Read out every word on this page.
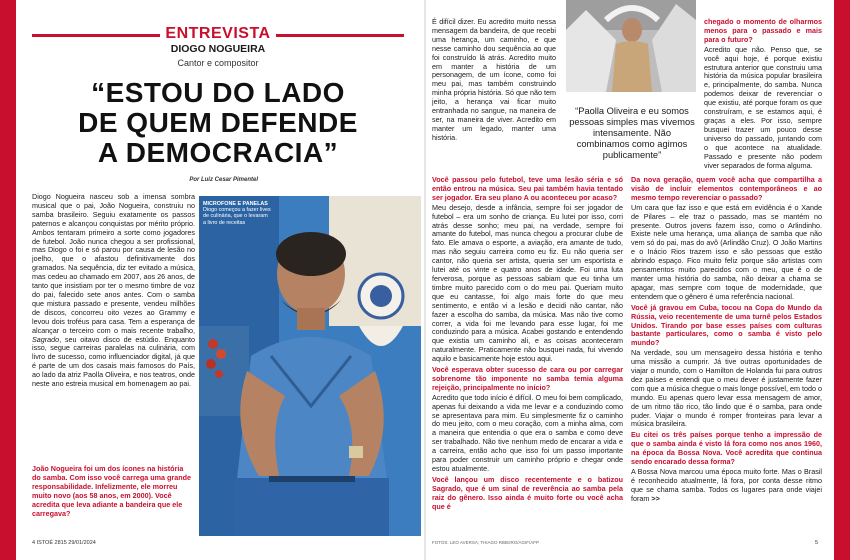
ENTREVISTA
DIOGO NOGUEIRA
Cantor e compositor
“ESTOU DO LADO
DE QUEM DEFENDE
A DEMOCRACIA”
Por Luiz Cesar Pimentel
Diogo Nogueira nasceu sob a imensa sombra musical que o pai, João Nogueira, construiu no samba brasileiro. Seguiu exatamente os passos paternos e alcançou conquistas por mérito próprio. Ambos tentaram primeiro a sorte como jogadores de futebol. João nunca chegou a ser profissional, mas Diogo o foi e só parou por causa de lesão no joelho, que o afastou definitivamente dos gramados. Na sequência, diz ter evitado a música, mas cedeu ao chamado em 2007, aos 26 anos, de tanto que insistiam por ter o mesmo timbre de voz do pai, falecido sete anos antes. Com o samba que mistura passado e presente, vendeu milhões de discos, concorreu oito vezes ao Grammy e levou dois troféus para casa. Tem a esperança de alcançar o terceiro com o mais recente trabalho, Sagrado, seu oitavo disco de estúdio. Enquanto isso, segue carreiras paralelas na culinária, com livro de sucesso, como influenciador digital, já que é parte de um dos casais mais famosos do País, ao lado da atriz Paolla Oliveira, e nos teatros, onde neste ano estreia musical em homenagem ao pai.
João Nogueira foi um dos ícones na história do samba. Com isso você carrega uma grande responsabilidade. Infelizmente, ele morreu muito novo (aos 58 anos, em 2000). Você acredita que leva adiante a bandeira que ele carregava?
MICROFONE E PANELAS
Diogo começou a fazer lives de culinária, que o levaram a livro de receitas
4 ISTOÉ 2815 29/01/2024

É difícil dizer. Eu acredito muito nessa mensagem da bandeira, de que recebi uma herança, um caminho, e que nesse caminho dou sequência ao que foi construído lá atrás. Acredito muito em manter a história de um personagem, de um ícone, como foi meu pai, mas também construindo minha própria história. Só que não tem jeito, a herança vai ficar muito entranhada no sangue, na maneira de ser, na maneira de viver. Acredito em manter um legado, manter uma história.

“Paolla Oliveira e eu somos pessoas simples mas vivemos intensamente. Não combinamos como agimos publicamente”
chegado o momento de olharmos menos para o passado e mais para o futuro?

Acredito que não. Penso que, se você aqui hoje, é porque existiu estrutura anterior que construiu uma história da música popular brasileira e, principalmente, do samba. Nunca podemos deixar de reverenciar o que existiu, até porque foram os que construíram, e se estamos aqui, é graças a eles. Por isso, sempre busquei trazer um pouco desse universo do passado, juntando com o que acontece na atualidade. Passado e presente não podem viver separados de forma alguma.

Você passou pelo futebol, teve uma lesão séria e só então entrou na música. Seu pai também havia tentado ser jogador. Era seu plano A ou aconteceu por acaso?

Meu desejo, desde a infância, sempre foi ser jogador de futebol – era um sonho de criança. Eu lutei por isso, corri atrás desse sonho; meu pai, na verdade, sempre foi amante do futebol, mas nunca chegou a procurar clube de fato. Ele amava o esporte, a aviação, era amante de tudo, mas não seguiu carreira como eu fiz. Eu não queria ser cantor, não queria ser artista, queria ser um esportista e lutei até os vinte e quatro anos de idade. Foi uma luta ferverosa, porque as pessoas sabiam que eu tinha um timbre muito parecido com o do meu pai. Queriam muito que eu cantasse, foi algo mais forte do que meu sentimento, e então vi a lesão e decidi não cantar, não fazer a escolha do samba, da música. Mas não tive como correr, a vida foi me levando para esse lugar, foi me conduzindo para a música. Acabei gostando e entendendo que existia um caminho ali, e as coisas aconteceram naturalmente. Praticamente não busquei nada, fui vivendo aquilo e basicamente hoje estou aqui.

Você esperava obter sucesso de cara ou por carregar sobrenome tão imponente no samba temia alguma rejeição, principalmente no início?

Acredito que todo início é difícil. O meu foi bem complicado, apenas fui deixando a vida me levar e a conduzindo como se apresentava para mim. Eu simplesmente fiz o caminho do meu jeito, com o meu coração, com a minha alma, com a maneira que entendia o que era o samba e como deve ser trabalhado. Não tive nenhum medo de encarar a vida e a carreira, então acho que isso foi um passo importante para poder construir um caminho próprio e chegar onde estou atualmente.

Você lançou um disco recentemente e o batizou Sagrado, que é um sinal de reverência ao samba pela raiz do gênero. Isso ainda é muito forte ou você acha que é
Da nova geração, quem você acha que compartilha a visão de incluir elementos contemporâneos e ao mesmo tempo reverenciar o passado?

Um cara que faz isso e que está em evidência é o Xande de Pilares – ele traz o passado, mas se mantém no presente. Outros jovens fazem isso, como o Arlindinho. Existe nele uma herança, uma aliança de samba que não vem só do pai, mas do avô (Arlindão Cruz). O João Martins e o Inácio Rios trazem isso e são pessoas que estão abrindo espaço. Fico muito feliz porque são artistas com pensamentos muito parecidos com o meu, que é o de manter uma história do samba, não deixar a chama se apagar, mas sempre com toque de modernidade, que entendem que o gênero é uma referência nacional.

Você já gravou em Cuba, tocou na Copa do Mundo da Rússia, veio recentemente de uma turnê pelos Estados Unidos. Tirando por base esses países com culturas bastante particulares, como o samba é visto pelo mundo?

Na verdade, sou um mensageiro dessa história e tenho uma missão a cumprir. Já tive outras oportunidades de viajar o mundo, com o Hamilton de Holanda fui para outros dez países e entendi que o meu dever é justamente fazer com que a música chegue o mais longe possível, em todo o mundo. Eu apenas quero levar essa mensagem de amor, de um ritmo tão rico, tão lindo que é o samba, para onde puder. Viajar o mundo é romper fronteiras para levar a música brasileira.

Eu citei os três países porque tenho a impressão de que o samba ainda é visto lá fora como nos anos 1960, na época da Bossa Nova. Você acredita que continua sendo encarado dessa forma?

A Bossa Nova marcou uma época muito forte. Mas o Brasil é reconhecido atualmente, lá fora, por conta desse ritmo que se chama samba. Todos os lugares para onde viajei foram >>

FOTOS: LEO AVERSA; THIAGO RIBEIRO/AGIF/AFP	5
